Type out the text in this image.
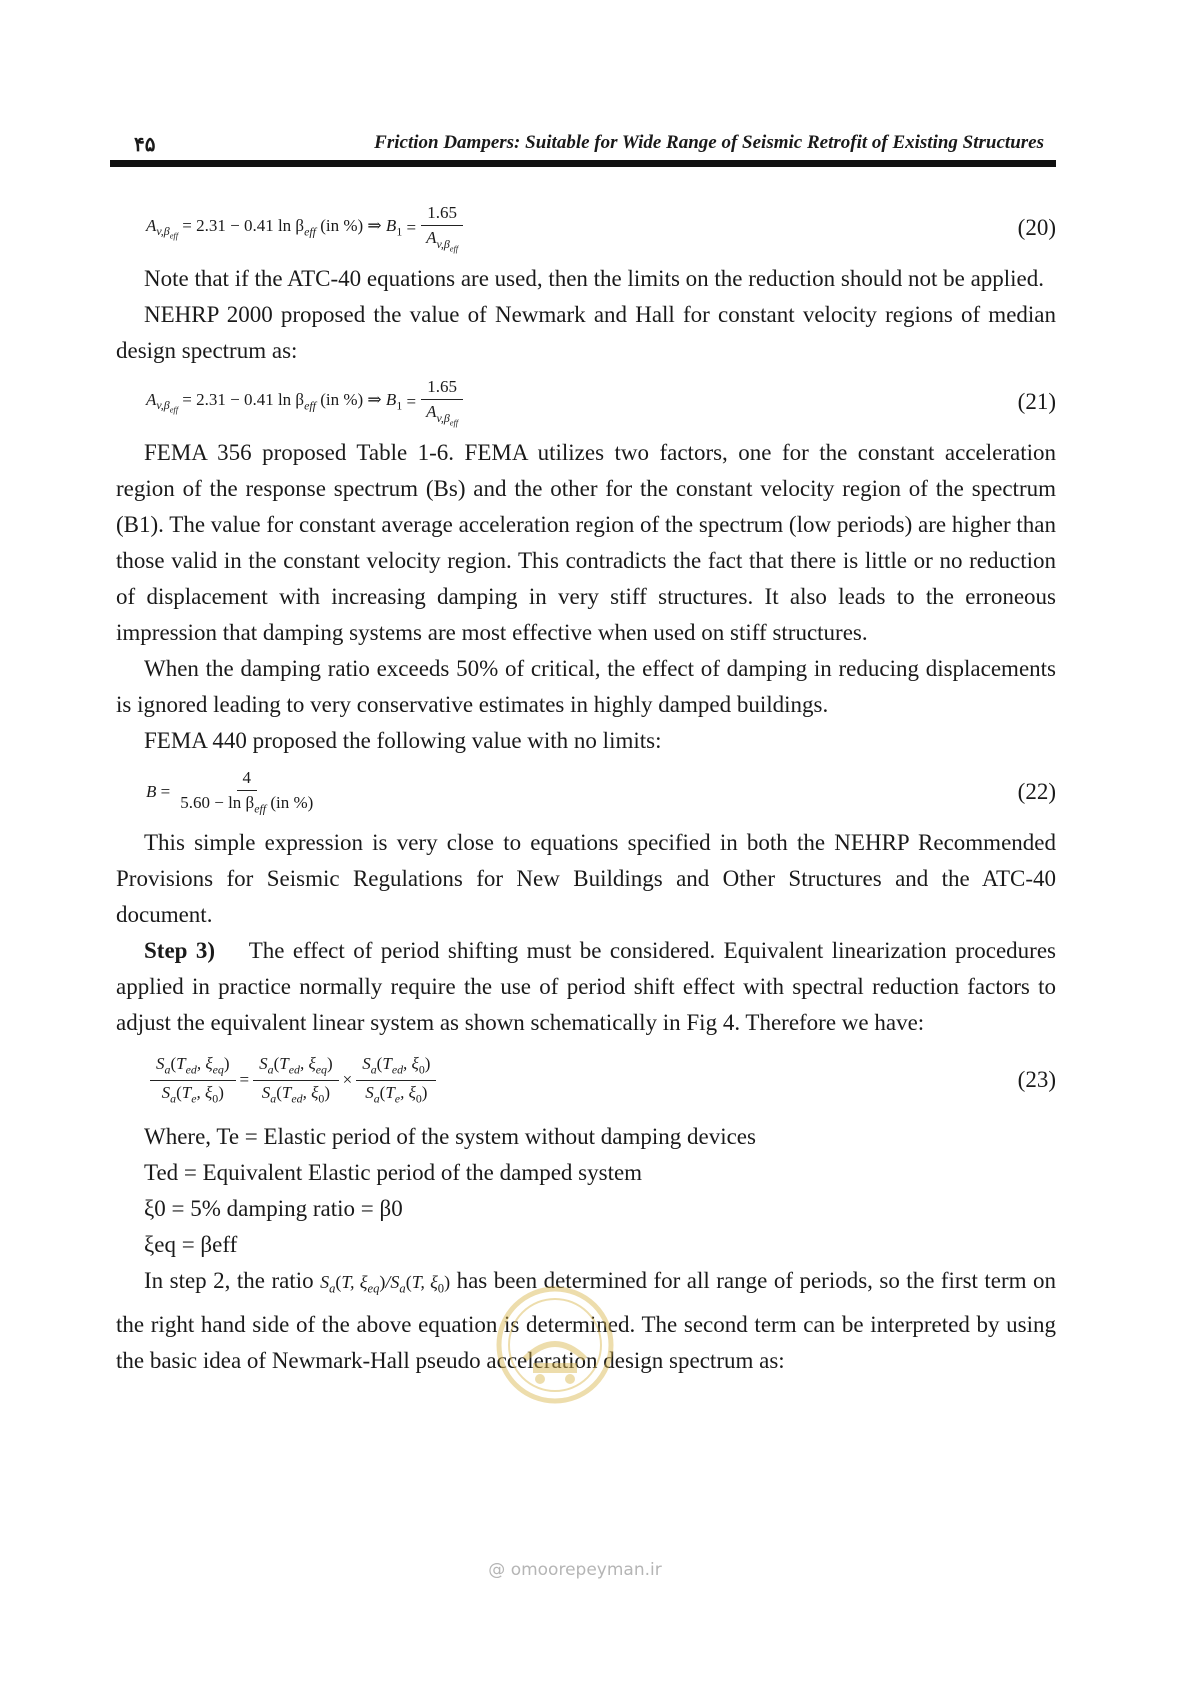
۴۵	Friction Dampers: Suitable for Wide Range of Seismic Retrofit of Existing Structures
$A_{v,\beta_{eff}}$
= 2.31 − 0.41 $\ln \beta_{eff}$ (in %) ⇒ $B_1 = \frac{1.65}{A_{v,\beta_{eff}}}$	(20)

Note that if the ATC-40 equations are used, then the limits on the reduction should not be applied.

NEHRP 2000 proposed the value of Newmark and Hall for constant velocity regions of median design spectrum as:

$A_{v,\beta_{eff}}$
= 2.31 − 0.41 $\ln \beta_{eff}$ (in %) ⇒ $B_1 = \frac{1.65}{A_{v,\beta_{eff}}}$	(21)

FEMA 356 proposed Table 1-6. FEMA utilizes two factors, one for the constant acceleration region of the response spectrum (Bs) and the other for the constant velocity region of the spectrum (B1). The value for constant average acceleration region of the spectrum (low periods) are higher than those valid in the constant velocity region. This contradicts the fact that there is little or no reduction of displacement with increasing damping in very stiff structures. It also leads to the erroneous impression that damping systems are most effective when used on stiff structures.

When the damping ratio exceeds 50% of critical, the effect of damping in reducing displacements is ignored leading to very conservative estimates in highly damped buildings.

FEMA 440 proposed the following value with no limits:

$B = \frac{4}{5.60 - \ln \beta_{eff} (in \%)}$	(22)

This simple expression is very close to equations specified in both the NEHRP Recommended Provisions for Seismic Regulations for New Buildings and Other Structures and the ATC-40 document.

Step 3) The effect of period shifting must be considered. Equivalent linearization procedures applied in practice normally require the use of period shift effect with spectral reduction factors to adjust the equivalent linear system as shown schematically in Fig 4. Therefore we have:

$\frac{S_a(T_{ed}, \xi_{eq})}{S_a(T_e, \xi_0)} = \frac{S_a(T_{ed}, \xi_{eq})}{S_a(T_{ed}, \xi_0)} \times \frac{S_a(T_{ed}, \xi_0)}{S_a(T_e, \xi_0)}$	(23)

Where, Te = Elastic period of the system without damping devices

Ted = Equivalent Elastic period of the damped system

ξ0 = 5% damping ratio = β0

ξeq = βeff

In step 2, the ratio $S_a(T$, $\xi_{eq})/S_a(T$, $\xi_0$) has been determined for all range of periods, so the first term on the right hand side of the above equation is determined. The second term can be interpreted by using the basic idea of Newmark-Hall pseudo acceleration design spectrum as:

@ omoorepeyman.ir
